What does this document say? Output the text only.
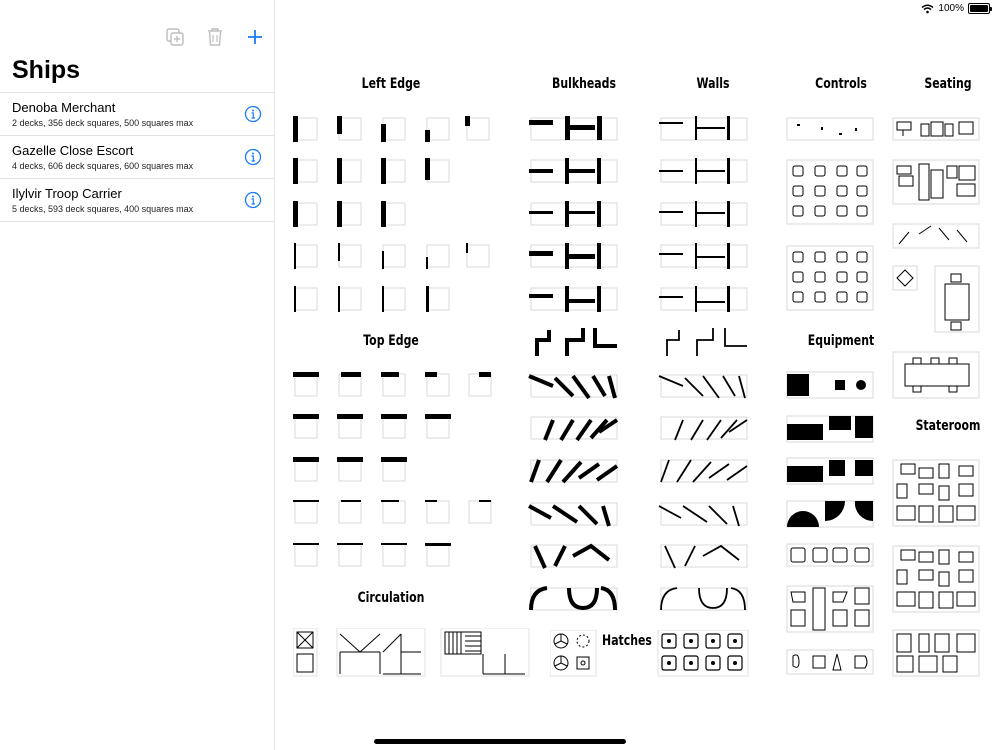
100%
Ships
Denoba Merchant
2 decks, 356 deck squares, 500 squares max
Gazelle Close Escort
4 decks, 606 deck squares, 600 squares max
Ilylvir Troop Carrier
5 decks, 593 deck squares, 400 squares max
Left Edge	Bulkheads	Walls	Controls	Seating
Top Edge	Equipment
Stateroom
Circulation
Hatches
